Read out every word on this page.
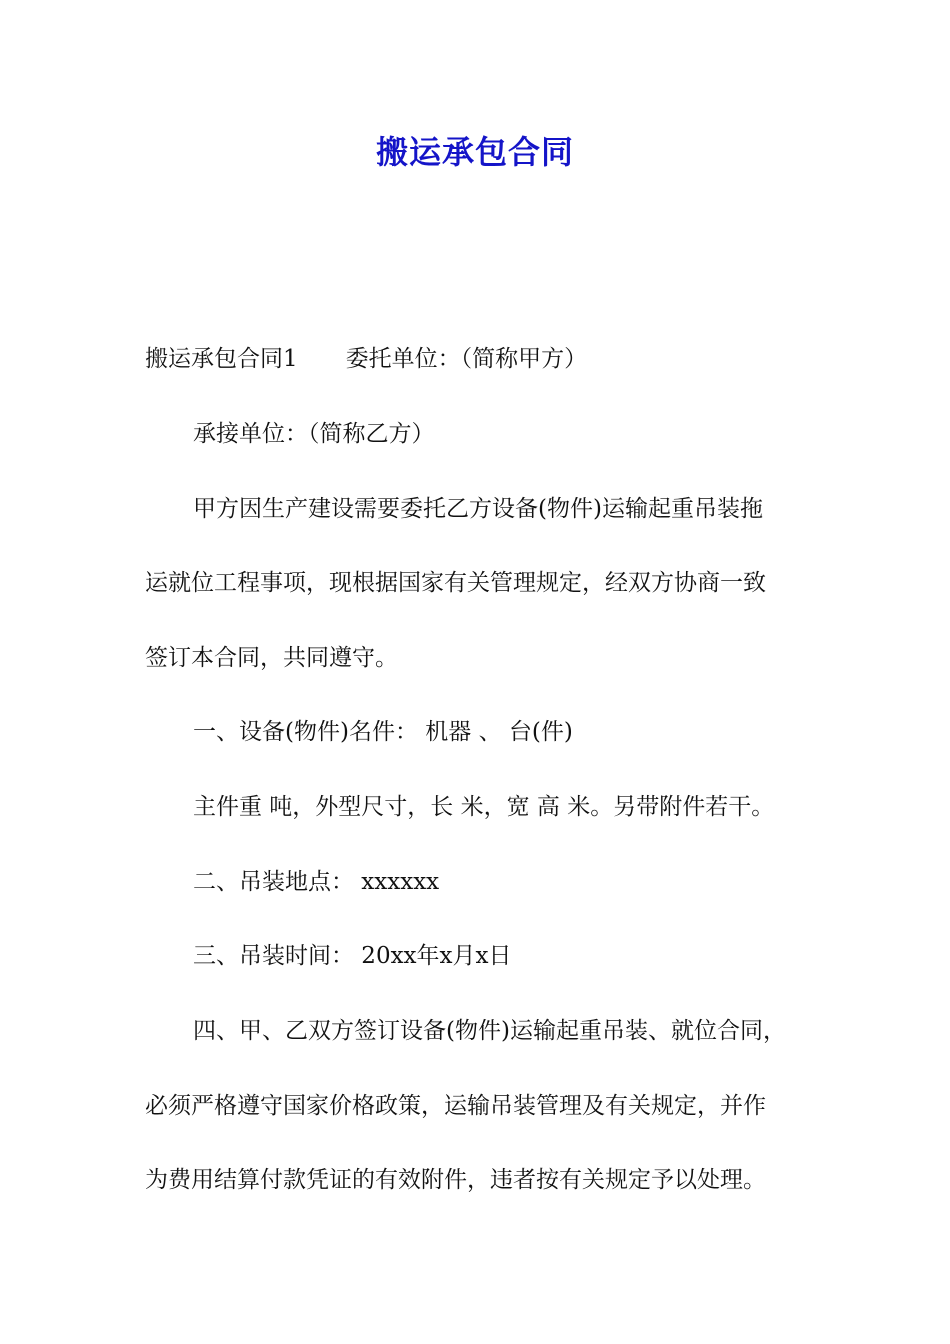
搬运承包合同
搬运承包合同1 委托单位：（简称甲方）
承接单位：（简称乙方）
甲方因生产建设需要委托乙方设备(物件)运输起重吊装拖
运就位工程事项，现根据国家有关管理规定，经双方协商一致
签订本合同，共同遵守。
一、设备(物件)名件： 机器 、 台(件)
主件重 吨，外型尺寸，长 米，宽 高 米。另带附件若干。
二、吊装地点： xxxxxx
三、吊装时间： 20xx年x月x日
四、甲、乙双方签订设备(物件)运输起重吊装、就位合同，
必须严格遵守国家价格政策，运输吊装管理及有关规定，并作
为费用结算付款凭证的有效附件，违者按有关规定予以处理。
